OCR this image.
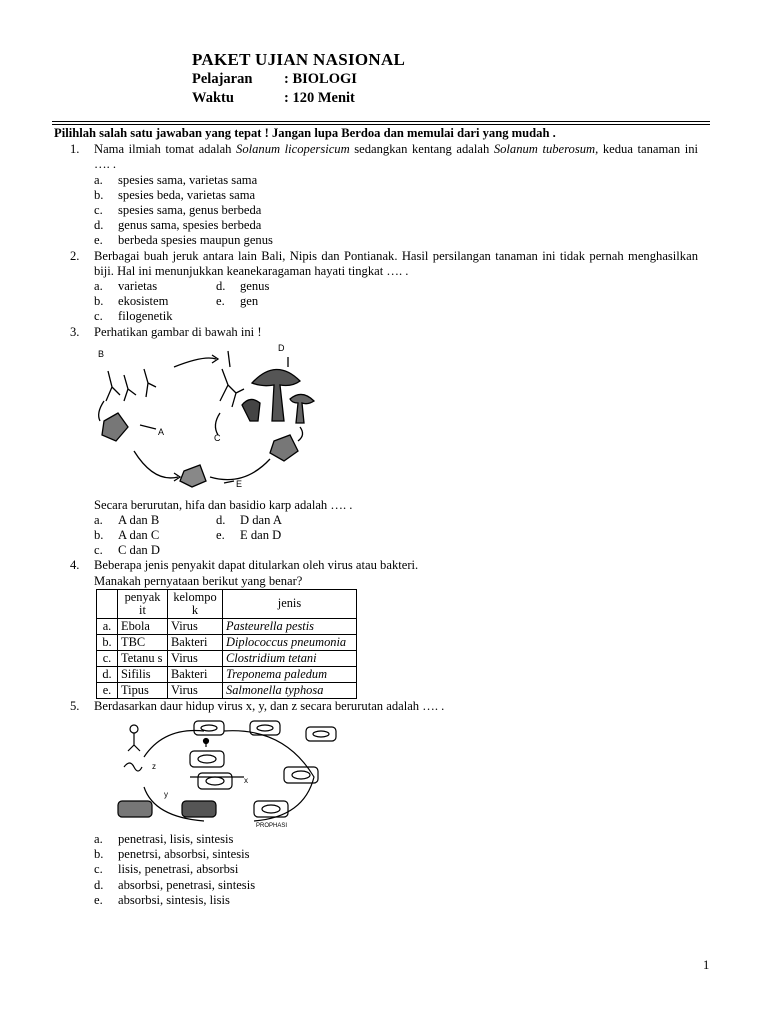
PAKET UJIAN NASIONAL
Pelajaran : BIOLOGI
Waktu	: 120 Menit
Pilihlah salah satu jawaban yang tepat ! Jangan lupa Berdoa dan memulai dari yang mudah .
1. Nama ilmiah tomat adalah Solanum licopersicum sedangkan kentang adalah Solanum tuberosum, kedua tanaman ini …. .
a. spesies sama, varietas sama
b. spesies beda, varietas sama
c. spesies sama, genus berbeda
d. genus sama, spesies berbeda
e. berbeda spesies maupun genus
2. Berbagai buah jeruk antara lain Bali, Nipis dan Pontianak. Hasil persilangan tanaman ini tidak pernah menghasilkan biji. Hal ini menunjukkan keanekaragaman hayati tingkat …. .
a. varietas	d. genus
b. ekosistem	e. gen
c. filogenetik
3. Perhatikan gambar di bawah ini !
B
A
C
D
E
Secara berurutan, hifa dan basidio karp adalah …. .
a. A dan B	d. D dan A
b. A dan C	e. E dan D
c. C dan D
4. Beberapa jenis penyakit dapat ditularkan oleh virus atau bakteri.
Manakah pernyataan berikut yang benar?
	penyak it	kelompo k	jenis
a.	Ebola	Virus	Pasteurella pestis
b.	TBC	Bakteri	Diplococcus pneumonia
c.	Tetanu s	Virus	Clostridium tetani
d.	Sifilis	Bakteri	Treponema paledum
e.	Tipus	Virus	Salmonella typhosa
5. Berdasarkan daur hidup virus x, y, dan z secara berurutan adalah …. .
x
y
z
PROPHASI
a. penetrasi, lisis, sintesis
b. penetrsi, absorbsi, sintesis
c. lisis, penetrasi, absorbsi
d. absorbsi, penetrasi, sintesis
e. absorbsi, sintesis, lisis
1
